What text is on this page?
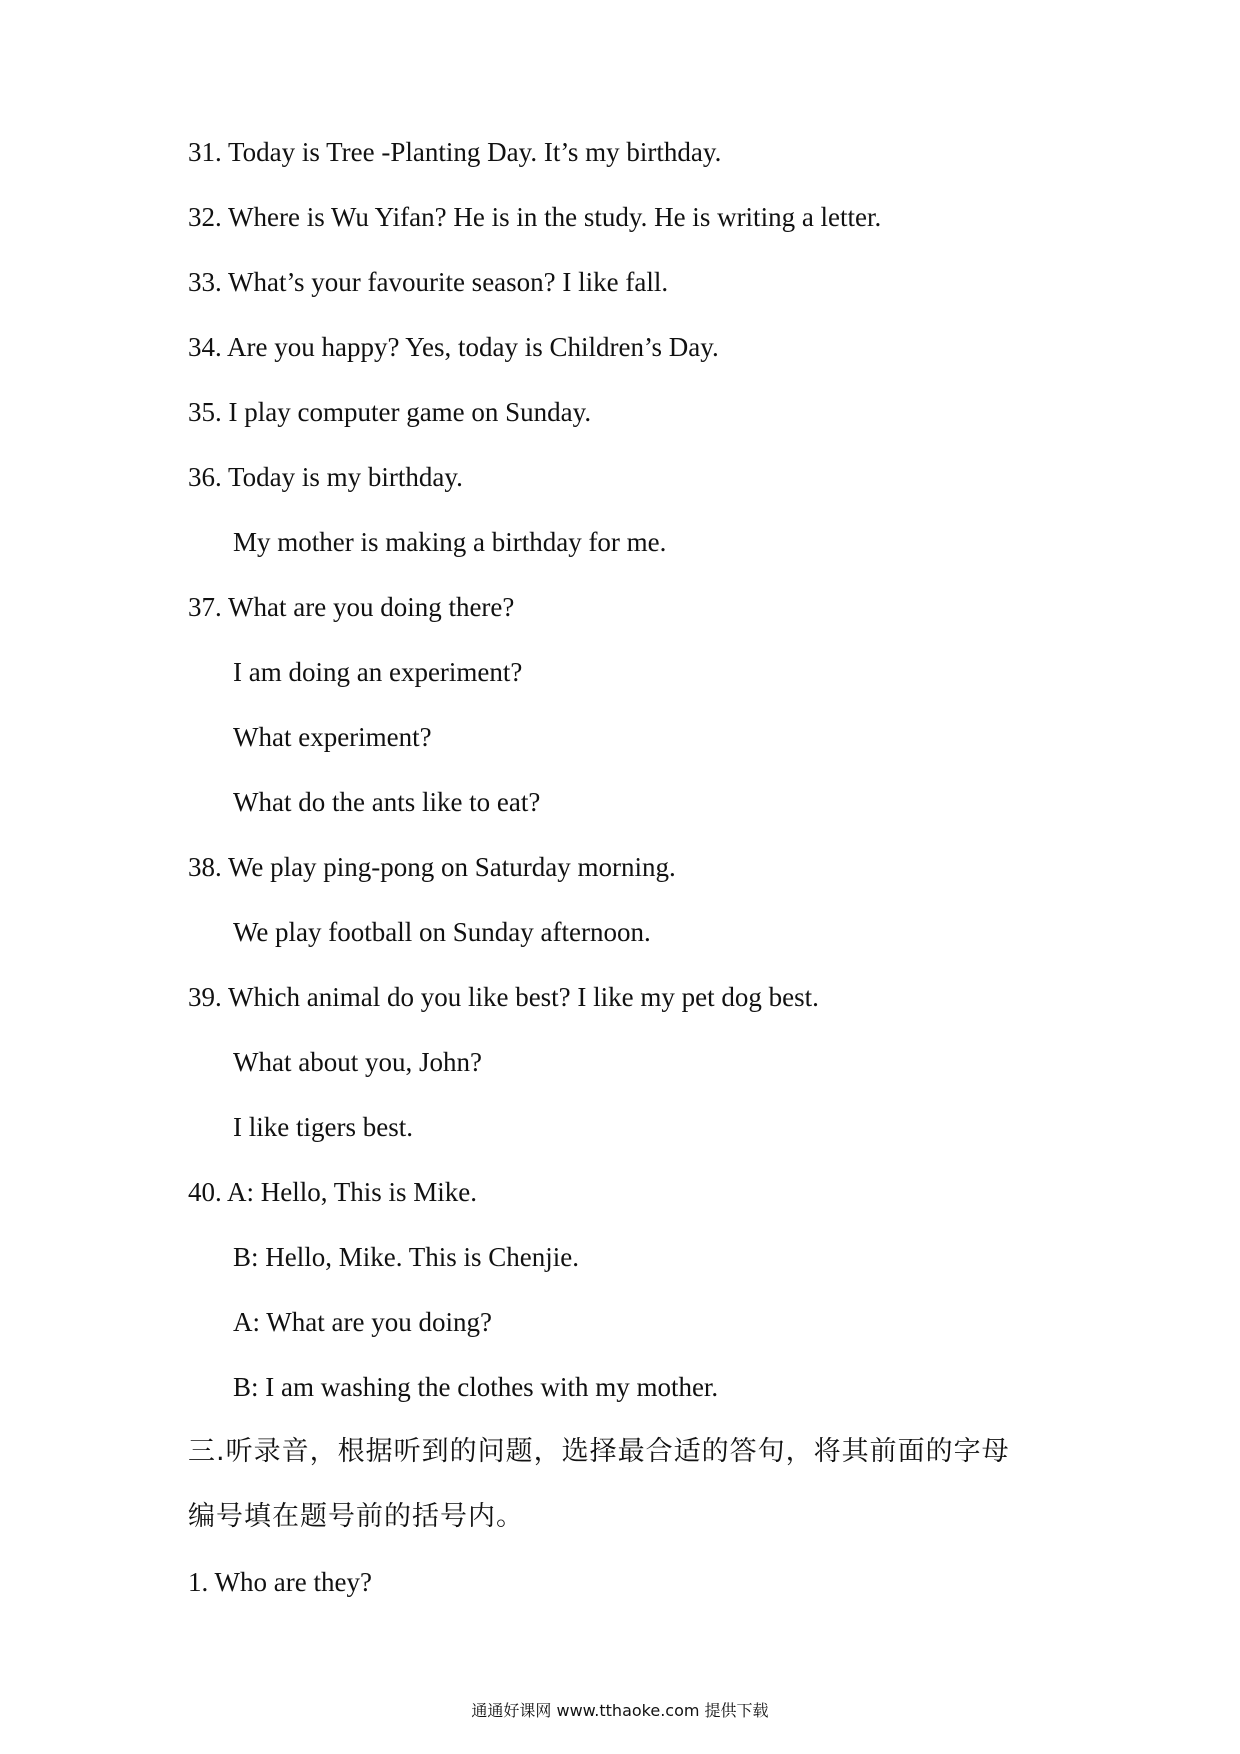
31. Today is Tree -Planting Day. It’s my birthday.
32. Where is Wu Yifan? He is in the study. He is writing a letter.
33. What’s your favourite season? I like fall.
34. Are you happy? Yes, today is Children’s Day.
35. I play computer game on Sunday.
36. Today is my birthday.
My mother is making a birthday for me.
37. What are you doing there?
I am doing an experiment?
What experiment?
What do the ants like to eat?
38. We play ping-pong on Saturday morning.
We play football on Sunday afternoon.
39. Which animal do you like best? I like my pet dog best.
What about you, John?
I like tigers best.
40. A: Hello, This is Mike.
B: Hello, Mike. This is Chenjie.
A: What are you doing?
B: I am washing the clothes with my mother.
三.听录音，根据听到的问题，选择最合适的答句，将其前面的字母
编号填在题号前的括号内。
1. Who are they?
通通好课网 www.tthaoke.com 提供下载
